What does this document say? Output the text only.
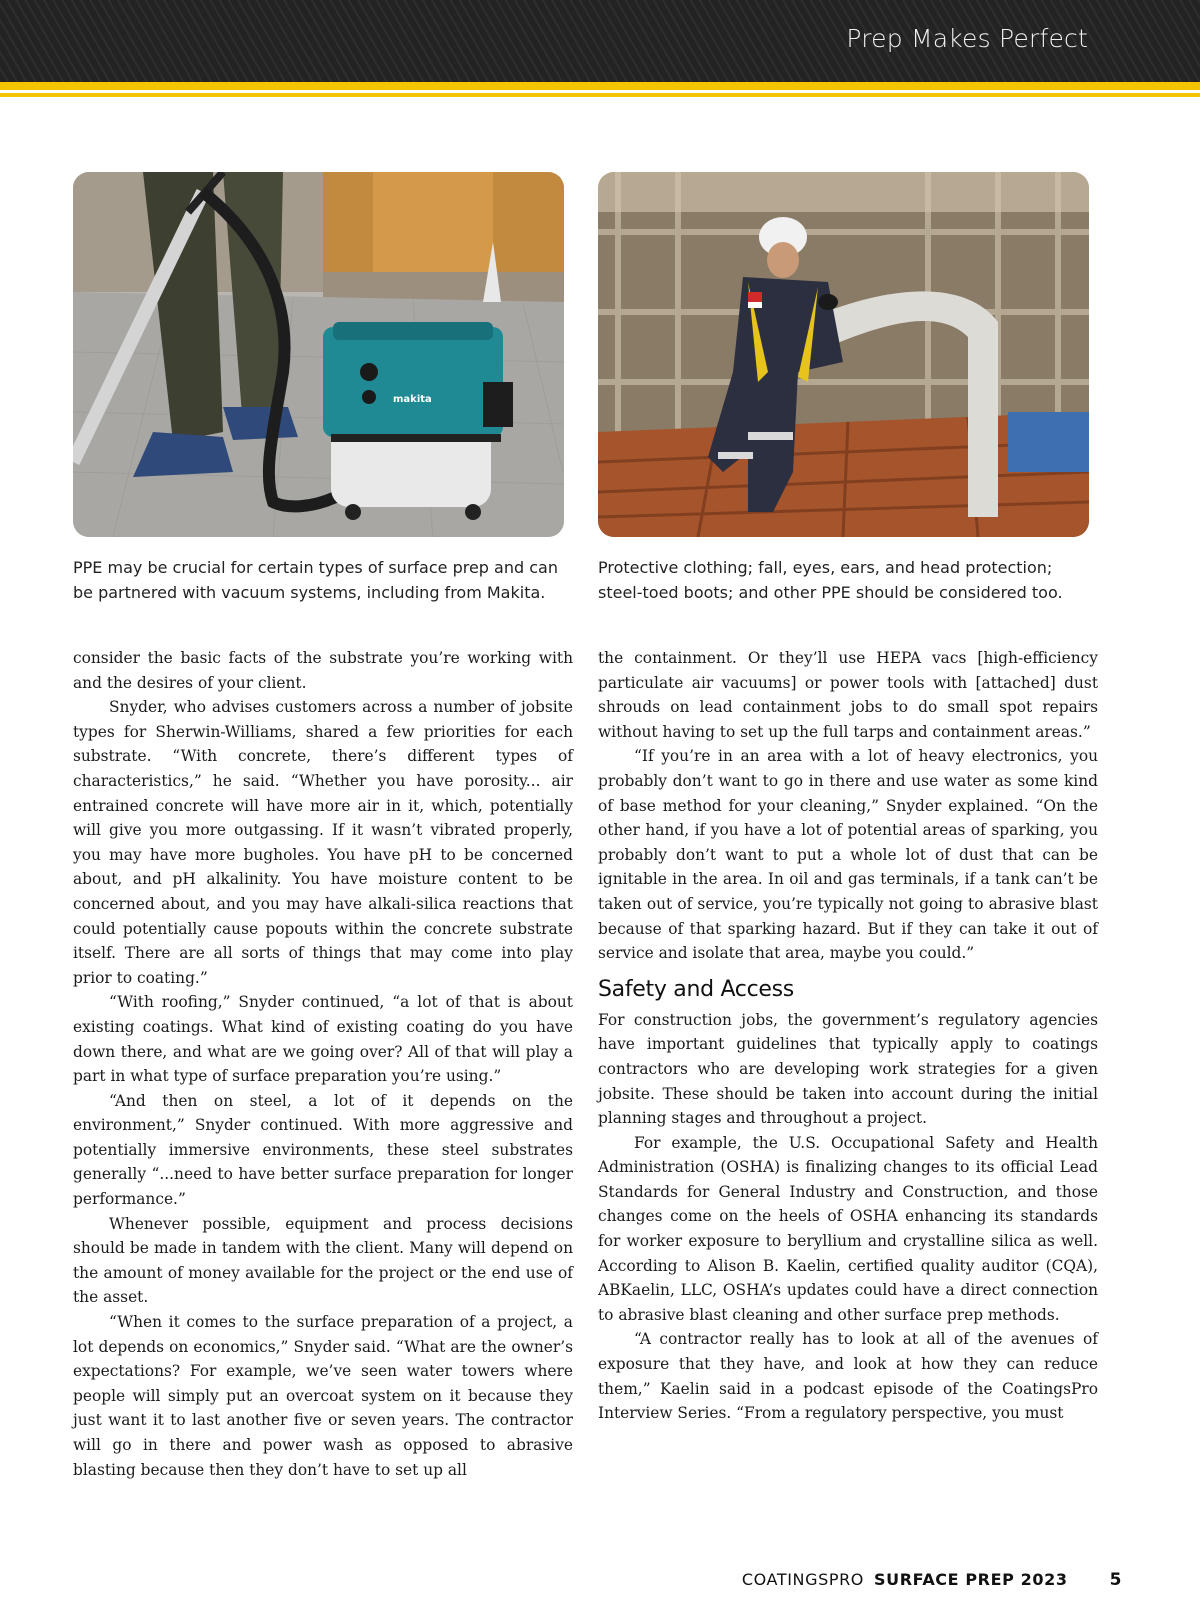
Prep Makes Perfect
makita
PPE may be crucial for certain types of surface prep and can be partnered with vacuum systems, including from Makita.
Protective clothing; fall, eyes, ears, and head protection; steel-toed boots; and other PPE should be considered too.

consider the basic facts of the substrate you’re working with and the desires of your client.

Snyder, who advises customers across a number of jobsite types for Sherwin-Williams, shared a few priorities for each substrate. “With concrete, there’s different types of characteristics,” he said. “Whether you have porosity... air entrained concrete will have more air in it, which, potentially will give you more outgassing. If it wasn’t vibrated properly, you may have more bugholes. You have pH to be concerned about, and pH alkalinity. You have moisture content to be concerned about, and you may have alkali-silica reactions that could potentially cause popouts within the concrete substrate itself. There are all sorts of things that may come into play prior to coating.”

“With roofing,” Snyder continued, “a lot of that is about existing coatings. What kind of existing coating do you have down there, and what are we going over? All of that will play a part in what type of surface preparation you’re using.”

“And then on steel, a lot of it depends on the environment,” Snyder continued. With more aggressive and potentially immersive environments, these steel substrates generally “...need to have better surface preparation for longer performance.”

Whenever possible, equipment and process decisions should be made in tandem with the client. Many will depend on the amount of money available for the project or the end use of the asset.

“When it comes to the surface preparation of a project, a lot depends on economics,” Snyder said. “What are the owner’s expectations? For example, we’ve seen water towers where people will simply put an overcoat system on it because they just want it to last another five or seven years. The contractor will go in there and power wash as opposed to abrasive blasting because then they don’t have to set up all

the containment. Or they’ll use HEPA vacs [high-efficiency particulate air vacuums] or power tools with [attached] dust shrouds on lead containment jobs to do small spot repairs without having to set up the full tarps and containment areas.”

“If you’re in an area with a lot of heavy electronics, you probably don’t want to go in there and use water as some kind of base method for your cleaning,” Snyder explained. “On the other hand, if you have a lot of potential areas of sparking, you probably don’t want to put a whole lot of dust that can be ignitable in the area. In oil and gas terminals, if a tank can’t be taken out of service, you’re typically not going to abrasive blast because of that sparking hazard. But if they can take it out of service and isolate that area, maybe you could.”

Safety and Access

For construction jobs, the government’s regulatory agencies have important guidelines that typically apply to coatings contractors who are developing work strategies for a given jobsite. These should be taken into account during the initial planning stages and throughout a project.

For example, the U.S. Occupational Safety and Health Administration (OSHA) is finalizing changes to its official Lead Standards for General Industry and Construction, and those changes come on the heels of OSHA enhancing its standards for worker exposure to beryllium and crystalline silica as well. According to Alison B. Kaelin, certified quality auditor (CQA), ABKaelin, LLC, OSHA’s updates could have a direct connection to abrasive blast cleaning and other surface prep methods.

“A contractor really has to look at all of the avenues of exposure that they have, and look at how they can reduce them,” Kaelin said in a podcast episode of the CoatingsPro Interview Series. “From a regulatory perspective, you must

COATINGSPRO SURFACE PREP 2023 5
